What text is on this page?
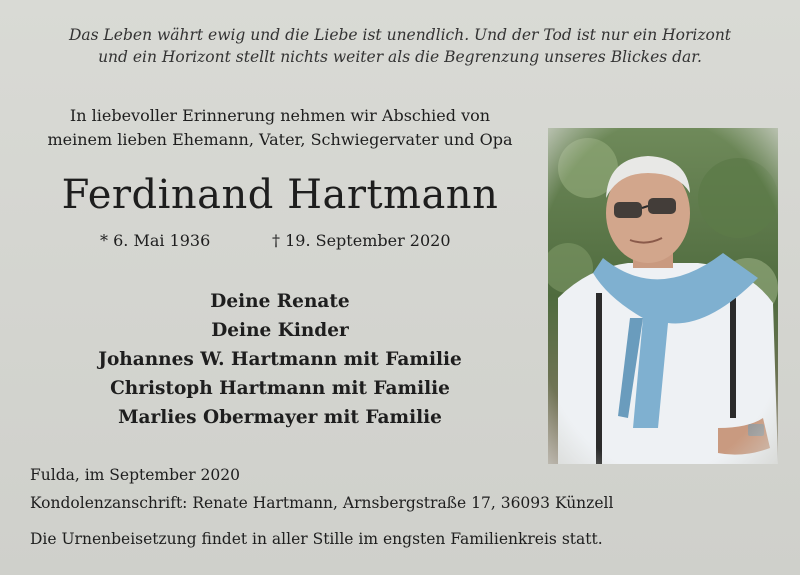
Das Leben währt ewig und die Liebe ist unendlich. Und der Tod ist nur ein Horizont
und ein Horizont stellt nichts weiter als die Begrenzung unseres Blickes dar.
In liebevoller Erinnerung nehmen wir Abschied von
meinem lieben Ehemann, Vater, Schwiegervater und Opa
Ferdinand Hartmann
* 6. Mai 1936	† 19. September 2020
Deine Renate
Deine Kinder
Johannes W. Hartmann mit Familie
Christoph Hartmann mit Familie
Marlies Obermayer mit Familie
Fulda, im September 2020
Kondolenzanschrift: Renate Hartmann, Arnsbergstraße 17, 36093 Künzell
Die Urnenbeisetzung findet in aller Stille im engsten Familienkreis statt.
